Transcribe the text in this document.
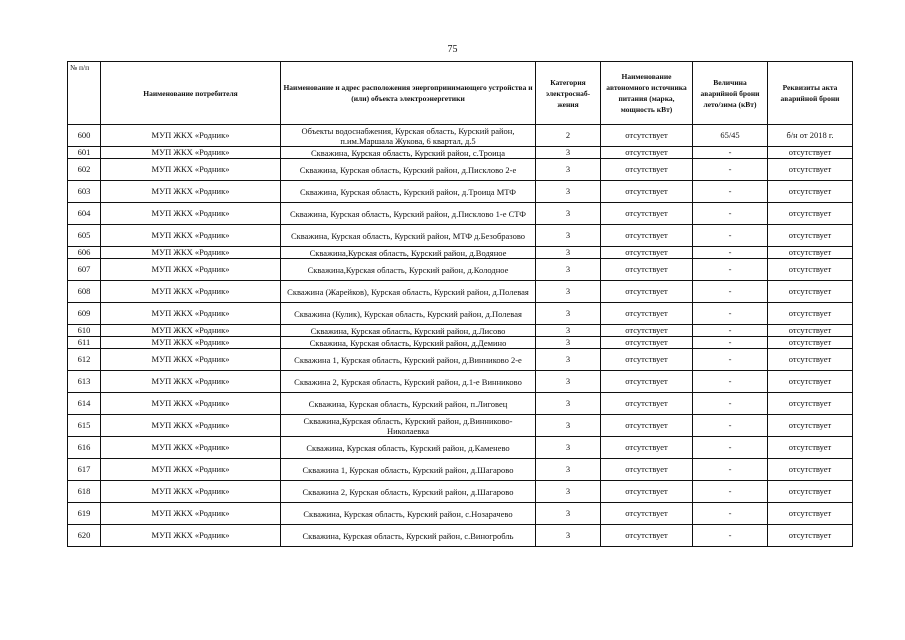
75
№ п/п	Наименование потребителя	Наименование и адрес расположения энергопринимающего устройства и (или) объекта электроэнергетики	Категория электроснаб-жения	Наименование автономного источника питания (марка, мощность кВт)	Величина аварийной брони лето/зима (кВт)	Реквизиты акта аварийной брони
600	МУП ЖКХ «Родник»	Объекты водоснабжения, Курская область, Курский район, п.им.Маршала Жукова, 6 квартал, д.5	2	отсутствует	65/45	б/н от 2018 г.
601	МУП ЖКХ «Родник»	Скважина, Курская область, Курский район, с.Троица	3	отсутствует	-	отсутствует
602	МУП ЖКХ «Родник»	Скважина, Курская область, Курский район, д.Писклово 2-е	3	отсутствует	-	отсутствует
603	МУП ЖКХ «Родник»	Скважина, Курская область, Курский район, д.Троица МТФ	3	отсутствует	-	отсутствует
604	МУП ЖКХ «Родник»	Скважина, Курская область, Курский район, д.Писклово 1-е СТФ	3	отсутствует	-	отсутствует
605	МУП ЖКХ «Родник»	Скважина, Курская область, Курский район, МТФ д.Безобразово	3	отсутствует	-	отсутствует
606	МУП ЖКХ «Родник»	Скважина,Курская область, Курский район, д.Водяное	3	отсутствует	-	отсутствует
607	МУП ЖКХ «Родник»	Скважина,Курская область, Курский район, д.Колодное	3	отсутствует	-	отсутствует
608	МУП ЖКХ «Родник»	Скважина (Жарейков), Курская область, Курский район, д.Полевая	3	отсутствует	-	отсутствует
609	МУП ЖКХ «Родник»	Скважина (Кулик), Курская область, Курский район, д.Полевая	3	отсутствует	-	отсутствует
610	МУП ЖКХ «Родник»	Скважина, Курская область, Курский район, д.Лисово	3	отсутствует	-	отсутствует
611	МУП ЖКХ «Родник»	Скважина, Курская область, Курский район, д.Демино	3	отсутствует	-	отсутствует
612	МУП ЖКХ «Родник»	Скважина 1, Курская область, Курский район, д.Винниково 2-е	3	отсутствует	-	отсутствует
613	МУП ЖКХ «Родник»	Скважина 2, Курская область, Курский район, д.1-е Винниково	3	отсутствует	-	отсутствует
614	МУП ЖКХ «Родник»	Скважина, Курская область, Курский район, п.Лиговец	3	отсутствует	-	отсутствует
615	МУП ЖКХ «Родник»	Скважина,Курская область, Курский район, д.Винниково-Николаевка	3	отсутствует	-	отсутствует
616	МУП ЖКХ «Родник»	Скважина, Курская область, Курский район, д.Каменево	3	отсутствует	-	отсутствует
617	МУП ЖКХ «Родник»	Скважина 1, Курская область, Курский район, д.Шагарово	3	отсутствует	-	отсутствует
618	МУП ЖКХ «Родник»	Скважина 2, Курская область, Курский район, д.Шагарово	3	отсутствует	-	отсутствует
619	МУП ЖКХ «Родник»	Скважина, Курская область, Курский район, с.Нозарачево	3	отсутствует	-	отсутствует
620	МУП ЖКХ «Родник»	Скважина, Курская область, Курский район, с.Виногробль	3	отсутствует	-	отсутствует
